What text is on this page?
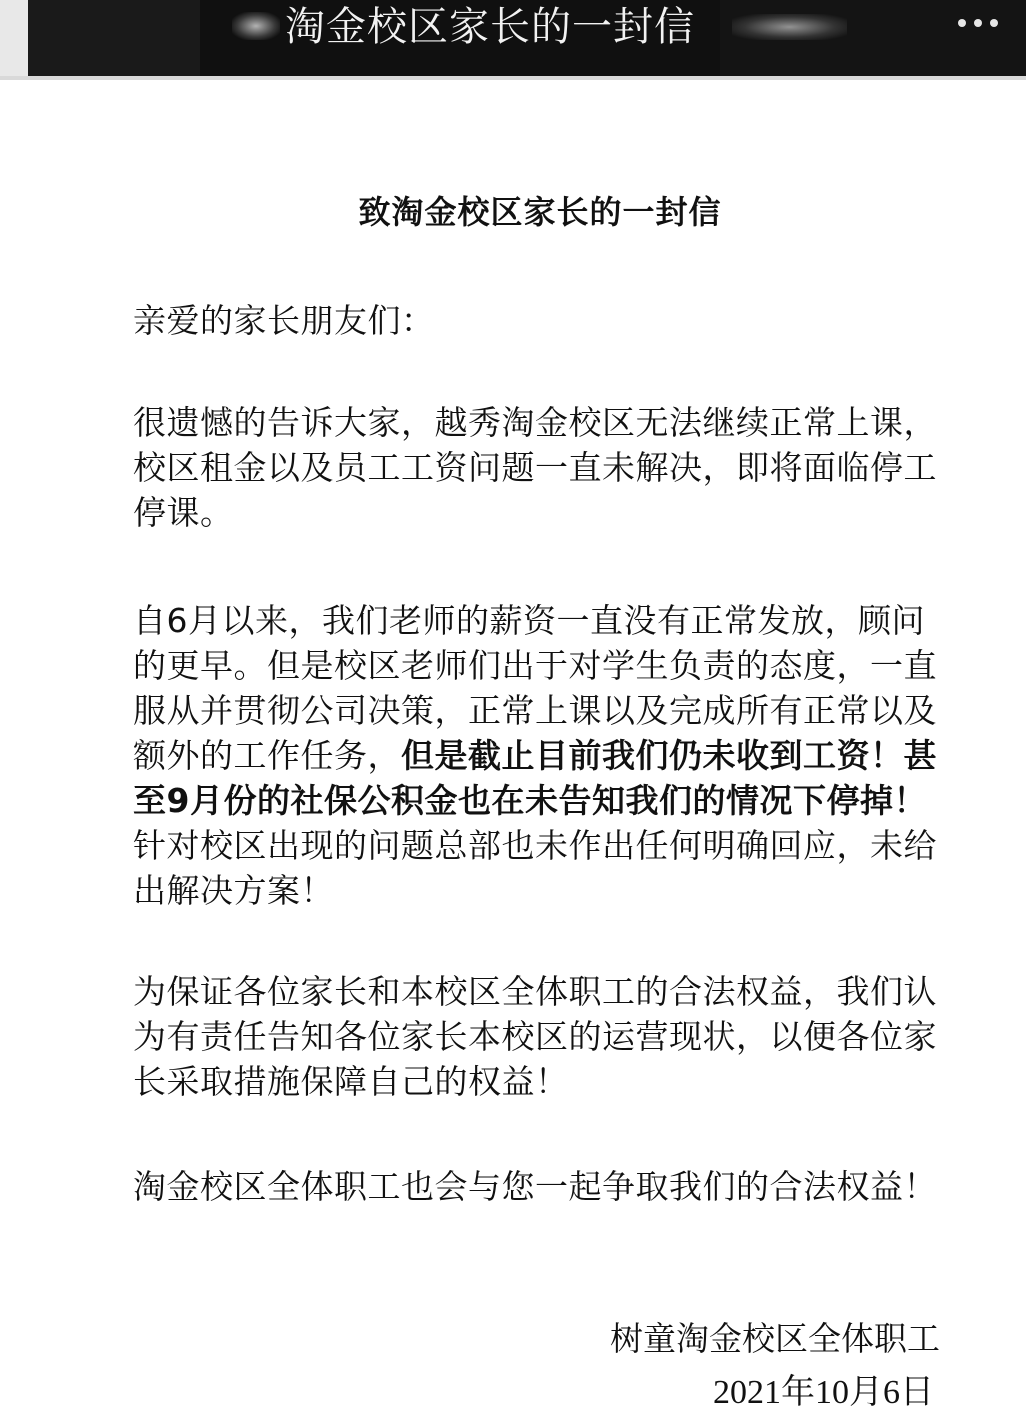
淘金校区家长的一封信
致淘金校区家长的一封信
亲爱的家长朋友们：
很遗憾的告诉大家，越秀淘金校区无法继续正常上课，校区租金以及员工工资问题一直未解决，即将面临停工停课。
自6月以来，我们老师的薪资一直没有正常发放，顾问的更早。但是校区老师们出于对学生负责的态度，一直服从并贯彻公司决策，正常上课以及完成所有正常以及额外的工作任务，但是截止目前我们仍未收到工资！甚至9月份的社保公积金也在未告知我们的情况下停掉！针对校区出现的问题总部也未作出任何明确回应，未给出解决方案！
为保证各位家长和本校区全体职工的合法权益，我们认为有责任告知各位家长本校区的运营现状，以便各位家长采取措施保障自己的权益！
淘金校区全体职工也会与您一起争取我们的合法权益！
树童淘金校区全体职工
2021年10月6日
